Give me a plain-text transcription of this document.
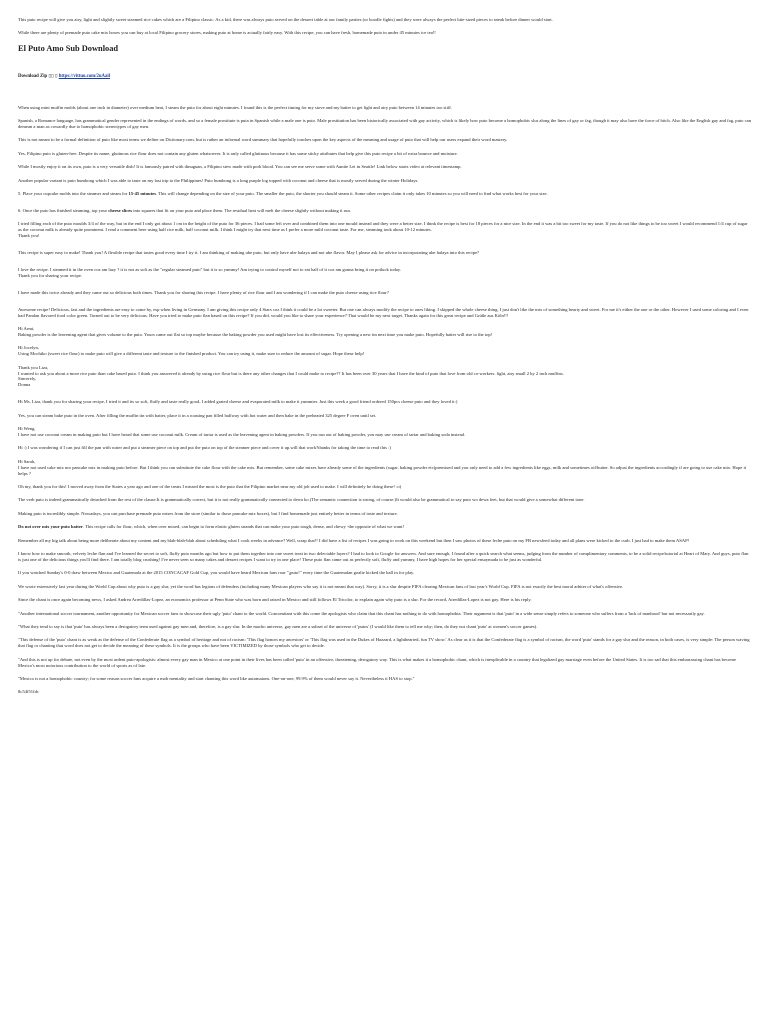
This puto recipe will give you airy, light and slightly sweet steamed rice cakes which are a Filipino classic. As a kid, there was always puto served on the dessert table at our family parties (or boodle fights) and they were always the perfect bite-sized pieces to sneak before dinner would start.

While there are plenty of premade puto cake mix boxes you can buy at local Filipino grocery stores, making puto at home is actually fairly easy. With this recipe, you can have fresh, homemade puto in under 45 minutes ice tea!!

El Puto Amo Sub Download

Download Zip ▯▯ ▯ https://vittuo.com/2uAail

When using mini muffin molds (about one inch in diameter) over medium heat, I steam the puto for about eight minutes. I found this is the perfect timing for my stove and my batter to get light and airy puto between 14 minutes too stiff.

Spanish, a Romance language, has grammatical gender represented in the endings of words, and so a female prostitute is puta in Spanish while a male one is puto. Male prostitution has been historically associated with gay activity, which is likely how puto become a homophobic slur along the lines of gay or fag, though it may also have the force of bitch. Also like the English gay and fag, puto can demean a man as cowardly due to homophobic stereotypes of gay men.

This is not meant to be a formal definition of puto like most terms we define on Dictionary.com, but is rather an informal word summary that hopefully touches upon the key aspects of the meaning and usage of puto that will help our users expand their word mastery.

Yes, Filipino puto is gluten-free. Despite its name, glutinous rice flour does not contain any gluten whatsoever. It is only called glutinous because it has some sticky attributes that help give this puto recipe a bit of extra bounce and moisture.

While I mostly enjoy it on its own, puto is a very versatile dish! It is famously paired with dinuguan, a Filipino stew made with pork blood. You can see me serve some with Auntie Lei in Seattle! Link below starts video at relevant timestamp.

Another popular variant is puto bumbong which I was able to taste on my last trip to the Philippines! Puto bumbong is a long purple log topped with coconut and cheese that is mostly served during the winter Holidays.

5. Place your cupcake molds into the steamer and steam for 15-45 minutes. This will change depending on the size of your puto. The smaller the puto, the shorter you should steam it. Some other recipes claim it only takes 10 minutes so you will need to find what works best for your size.

6. Once the puto has finished steaming, top your cheese slices into squares that fit on your puto and place them. The residual heat will melt the cheese slightly without making it run.

I tried filling each of the puto moulds 3/4 of the way, but in the end I only got about 1 cm in the height of the puto for 36 pieces. I had some left over and combined them into one mould instead and they were a better size. I think the recipe is best for 18 pieces for a nice size. In the end it was a bit too sweet for my taste. If you do not like things to be too sweet I would recommend 1/4 cup of sugar as the coconut milk is already quite prominent. I read a comment here using half rice milk, half coconut milk. I think I might try that next time as I prefer a more mild coconut taste. For me, steaming took about 10-12 minutes.
Thank you!

This recipe is super easy to make! Thank you! A flexible recipe that tastes good every time I try it. I am thinking of making ube puto, but only have ube halaya and not ube flavor. May I please ask for advice in incorporating ube halaya into this recipe?

I love the recipe. I steamed it in the oven coz am lazy ? it is not as soft as the "regular steamed puto" but it is so yummy! Am trying to control myself not to eat half of it coz am gonna bring it on potluck today.
Thank you for sharing your recipe.

I have made this twice already and they came out so delicious both times. Thank you for sharing this recipe. I have plenty of rice flour and I am wondering if I can make the puto cheese using rice flour?

Awesome recipe! Delicious, fast and the ingredients are easy to come by, esp when living in Germany. I am giving this recipe only 4 Stars coz I think it could be a lot sweeter. But one can always modify the recipe to ones liking. I skipped the whole cheese thing, I just don't like the mix of something hearty and sweet. For me it's either the one or the other. However I used some coloring and I even had Pandan flavored food color green. Turned out to be very delicious. Have you tried to make puto flan based on this recipe? If you did, would you like to share your experience? That would be my next target. Thanks again for this great recipe and Grüße aus Köln!!!

Hi Armi,
Baking powder is the leavening agent that gives volume to the puto. Yours came out flat so top maybe because the baking powder you used might have lost its effectiveness. Try opening a new tin next time you make puto. Hopefully batter will rise to the top!

Hi Jocelyn,
Using Mochiko (sweet rice flour) to make puto will give a different taste and texture to the finished product. You can try using it, make sure to reduce the amount of sugar. Hope these help!

Thank you Liza,
I wanted to ask you about a more rice puto than cake based puto. I think you answered it already by using rice flour but is there any other changes that I could make to recipe?? It has been over 30 years that I have the kind of puto that love from old co-workers. light, airy small 2 by 2 inch muffins.
Sincerely,
Donna

Hi Ms. Liza, thank you for sharing your recipe, I tried it and its so soft, fluffy and taste really good, I added grated cheese and evaporated milk to make it yummier. Just this week a good friend ordered 150pcs cheese puto and they loved it:)

Yes, you can steam bake puto in the oven. After filling the muffin tin with batter, place it in a roasting pan filled halfway with hot water and then bake in the preheated 325 degree F oven until set.

Hi Weng,
I have not use coconut cream in making puto but I have heard that some use coconut milk. Cream of tartar is used as the leavening agent in baking powders. If you run out of baking powder, you may use cream of tartar and baking soda instead.

Hi :) I was wondering if I can just fill the pan with water and put a steamer piece on top and put the puto on top of the steamer piece and cover it up.will that work?thanks for taking the time to read this :)

Hi Sarah,
I have not used cake mix nor pancake mix in making puto before. But I think you can substitute the cake flour with the cake mix. But remember, some cake mixes have already some of the ingredients (sugar, baking powder etc)premixed and you only need to add a few ingredients like eggs, milk and sometimes oil/butter. So adjust the ingredients accordingly if are going to use cake mix. Hope it helps ?

Oh my, thank you for this! I moved away from the States a year ago and one of the treats I missed the most is the puto that the Filipino market near my old job used to make. I will definitely be doing these! :o)

The verb puto is indeed grammatically detached from the rest of the clause.It is grammatically correct, but it is not really grammatically connected to dewa ko.(The semantic connection is strong, of course.)It would also be grammatical to say puto wo dewa feet, but that would give a somewhat different tone.

Making puto is incredibly simple. Nowadays, you can purchase premade puto mixes from the store (similar to those pancake mix boxes), but I find homemade just entirely better in terms of taste and texture.

Do not over mix your puto batter. This recipe calls for flour, which, when over mixed, can begin to form elastic gluten strands that can make your puto tough, dense, and chewy -the opposite of what we want!

Remember all my big talk about being more deliberate about my content and my blah-blah-blah about scheduling what I cook weeks in advance? Well, scrap that!! I did have a list of recipes I was going to work on this weekend but then I saw photos of these leche puto on my FB newsfeed today and all plans were kicked to the curb. I just had to make them ASAP!

I know how to make smooth, velvety leche flan and I've learned the secret to soft, fluffy puto months ago but how to put them together into one sweet treat in two delectable layers? I had to look to Google for answers. And sure enough, I found after a quick search what seems, judging from the number of complimentary comments, to be a solid recipe/tutorial at Heart of Mary. And guys, puto flan is just one of the delicious things you'll find there. I am totally blog crushing! I've never seen so many cakes and dessert recipes I want to try in one place! These puto flan came out as perfectly soft, fluffy and yummy, I have high hopes for her special ensaymada to be just as wonderful.

If you watched Sunday's 0-0 draw between Mexico and Guatemala at the 2015 CONCACAF Gold Cup, you would have heard Mexican fans roar "¡puto!" every time the Guatemalan goalie kicked the ball in for play.

We wrote extensively last year during the World Cup about why puto is a gay slur, yet the word has legions of defenders (including many Mexican players who say it is not meant that way). Sorry, it is a slur despite FIFA clearing Mexican fans of last year's World Cup. FIFA is not exactly the best moral arbiter of what's offensive.

Since the chant is once again becoming news, I asked Andrea Arredillas-Lopez, an economics professor at Penn State who was born and raised in Mexico and still follows El Tricolor, to explain again why puto is a slur. For the record, Arredillas-Lopez is not gay. Here is his reply.

"Another international soccer tournament, another opportunity for Mexican soccer fans to showcase their ugly 'puto' chant to the world. Concomitant with this come the apologists who claim that this chant has nothing to do with homophobia. Their argument is that 'puto' in a wide sense simply refers to someone who suffers from a 'lack of manhood' but not necessarily gay.

"What they tend to say is that 'puto' has always been a derogatory term used against gay men and, therefore, is a gay slur. In the macho universe, gay men are a subset of the universe of 'putos' (I would like them to tell me why; then, do they not chant 'puto' at women's soccer games).

"This defense of the 'puto' chant is as weak as the defense of the Confederate flag as a symbol of heritage and not of racism: 'This flag honors my ancestors' or 'This flag was used in the Dukes of Hazzard, a lighthearted, fun TV show.' As clear as it is that the Confederate flag is a symbol of racism, the word 'puto' stands for a gay slur and the reason, in both cases, is very simple: The person waving that flag or chanting that word does not get to decide the meaning of these symbols. It is the groups who have been VICTIMIZED by those symbols who get to decide.

"And this is not up for debate, not even by the most ardent puto-apologists: almost every gay man in Mexico at one point in their lives has been called 'puto' in an offensive, threatening, derogatory way. This is what makes it a homophobic chant, which is inexplicable in a country that legalized gay marriage even before the United States. It is too sad that this embarrassing chant has become Mexico's most notorious contribution to the world of sports as of late.

"Mexico is not a homophobic country; for some reason soccer fans acquire a mob mentality and start chanting this word like automatons. One-on-one, 99.9% of them would never say it. Nevertheless it HAS to stop."

8c54f51fdc
